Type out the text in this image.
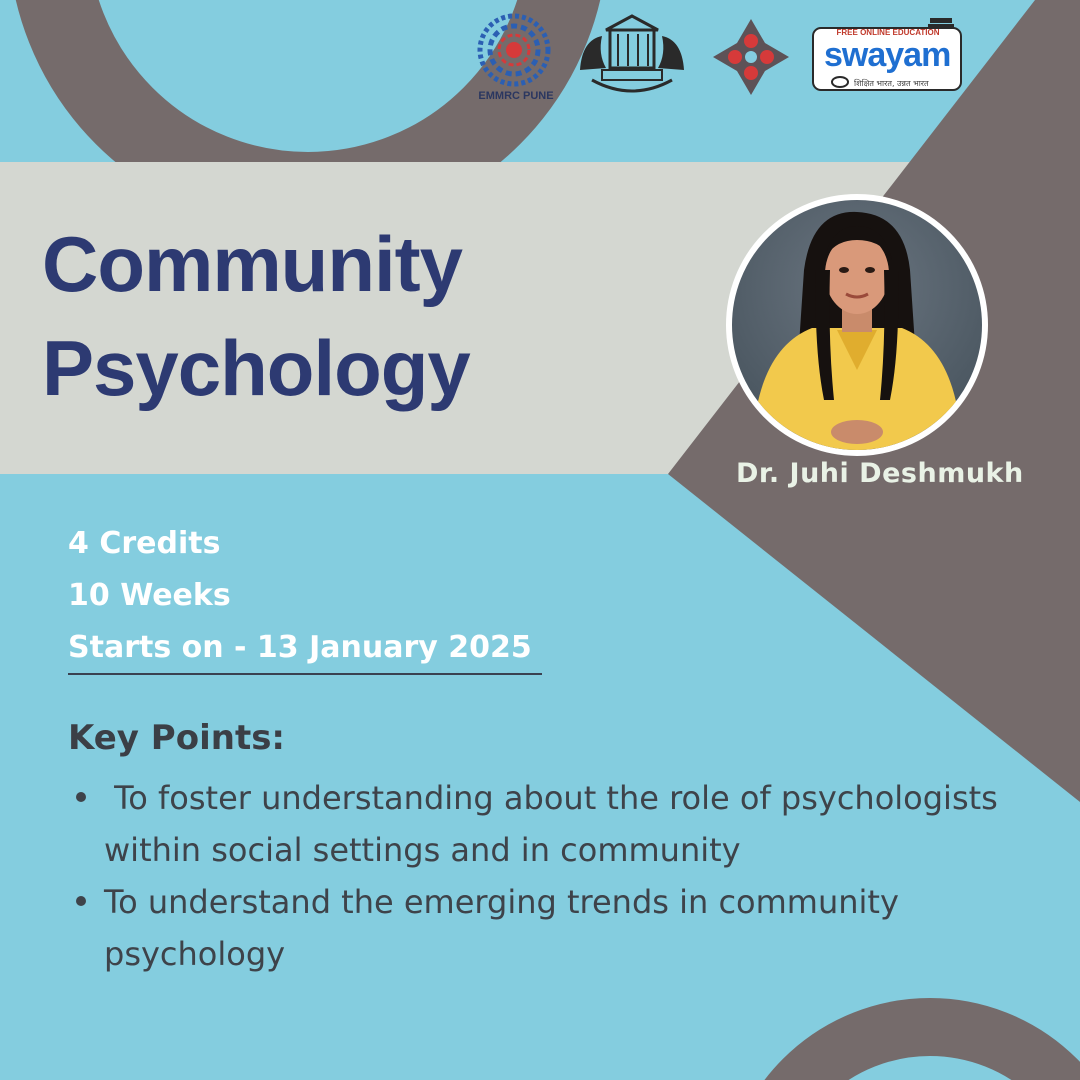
EMMRC PUNE
FREE ONLINE EDUCATION
swayam
शिक्षित भारत, उन्नत भारत
Community
Psychology
Dr. Juhi Deshmukh
4 Credits
10 Weeks
Starts on - 13 January 2025
Key Points:
To foster understanding about the role of psychologists within social settings and in community
To understand the emerging trends in community psychology
